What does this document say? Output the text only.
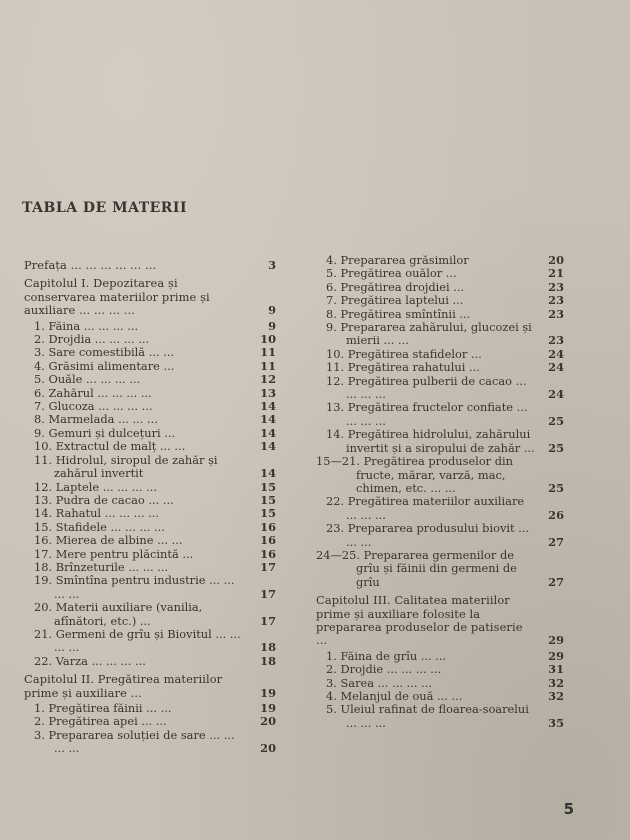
TABLA DE MATERII
Prefața ... ... ... ... ... ...	3
Capitolul I. Depozitarea și conservarea materiilor prime și auxiliare ... ... ... ...	9
1. Făina ... ... ... ...	9
2. Drojdia ... ... ... ...	10
3. Sare comestibilă ... ...	11
4. Grăsimi alimentare ...	11
5. Ouăle ... ... ... ...	12
6. Zahărul ... ... ... ...	13
7. Glucoza ... ... ... ...	14
8. Marmelada ... ... ...	14
9. Gemuri și dulcețuri ...	14
10. Extractul de malț ... ...	14
11. Hidrolul, siropul de zahăr și zahărul invertit	14
12. Laptele ... ... ... ...	15
13. Pudra de cacao ... ...	15
14. Rahatul ... ... ... ...	15
15. Stafidele ... ... ... ...	16
16. Mierea de albine ... ...	16
17. Mere pentru plăcintă ...	16
18. Brînzeturile ... ... ...	17
19. Smîntîna pentru industrie ... ... ... ...	17
20. Materii auxiliare (vanilia, afînători, etc.) ...	17
21. Germeni de grîu și Biovitul ... ... ... ...	18
22. Varza ... ... ... ...	18
Capitolul II. Pregătirea materiilor prime și auxiliare ...	19
1. Pregătirea făinii ... ...	19
2. Pregătirea apei ... ...	20
3. Prepararea soluției de sare ... ... ... ...	20
4. Prepararea grăsimilor	20
5. Pregătirea ouălor ...	21
6. Pregătirea drojdiei ...	23
7. Pregătirea laptelui ...	23
8. Pregătirea smîntînii ...	23
9. Prepararea zahărului, glucozei și mierii ... ...	23
10. Pregătirea stafidelor ...	24
11. Pregătirea rahatului ...	24
12. Pregătirea pulberii de cacao ... ... ... ...	24
13. Pregătirea fructelor confiate ... ... ... ...	25
14. Pregătirea hidrolului, zahărului invertit și a siropului de zahăr ...	25
15—21. Pregătirea produselor din fructe, mărar, varză, mac, chimen, etc. ... ...	25
22. Pregătirea materiilor auxiliare ... ... ...	26
23. Prepararea produsului biovit ... ... ...	27
24—25. Prepararea germenilor de grîu și făinii din germeni de grîu	27
Capitolul III. Calitatea materiilor prime și auxiliare folosite la prepararea produselor de patiserie ...	29
1. Făina de grîu ... ...	29
2. Drojdie ... ... ... ...	31
3. Sarea ... ... ... ...	32
4. Melanjul de ouă ... ...	32
5. Uleiul rafinat de floarea-soarelui ... ... ...	35
5
